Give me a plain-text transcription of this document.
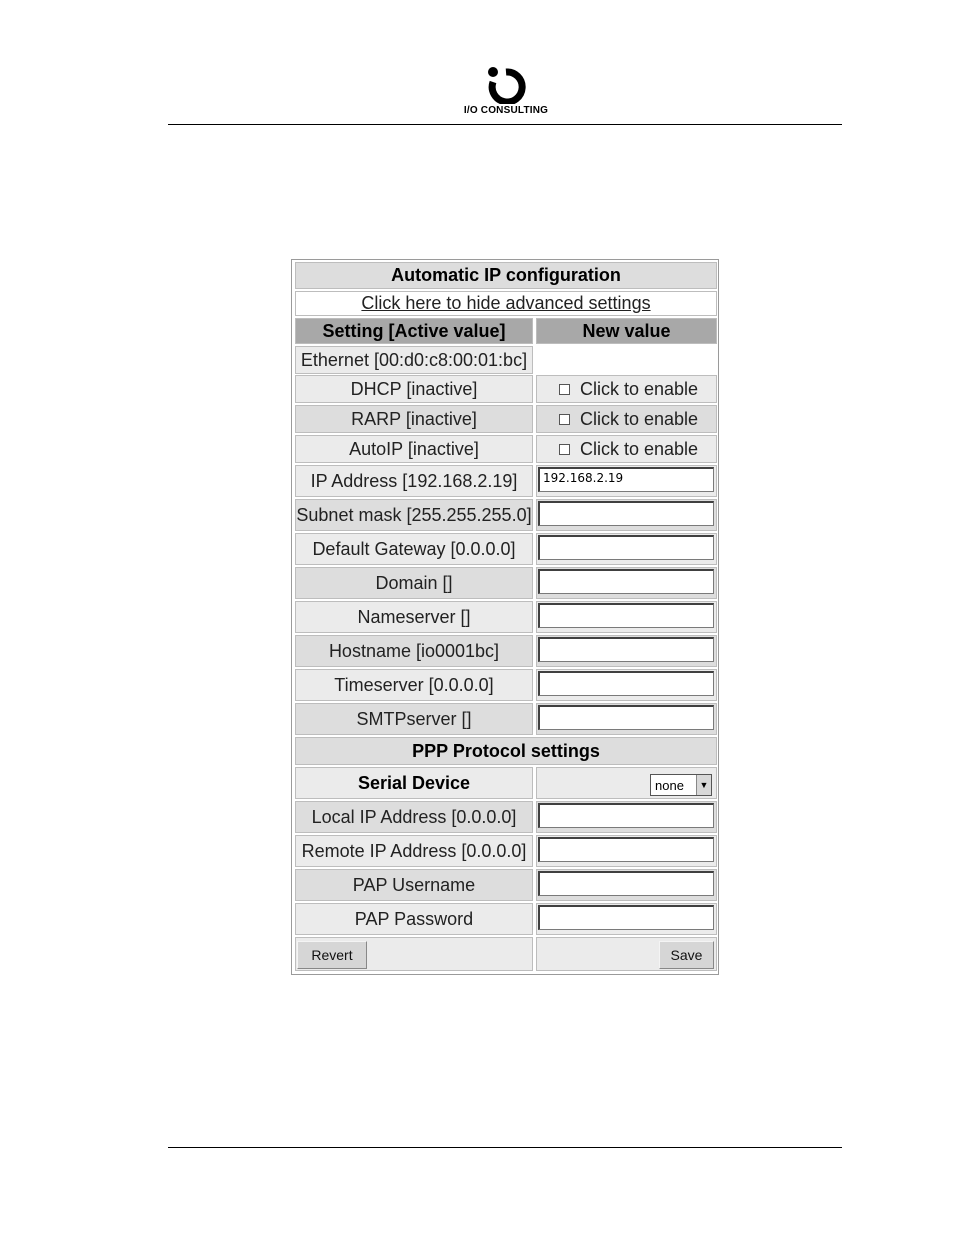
I/O CONSULTING
Automatic IP configuration
Click here to hide advanced settings
Setting [Active value]	New value
Ethernet [00:d0:c8:00:01:bc]
DHCP [inactive]	Click to enable
RARP [inactive]	Click to enable
AutoIP [inactive]	Click to enable
IP Address [192.168.2.19]	192.168.2.19
Subnet mask [255.255.255.0]
Default Gateway [0.0.0.0]
Domain []
Nameserver []
Hostname [io0001bc]
Timeserver [0.0.0.0]
SMTPserver []
PPP Protocol settings
Serial Device	none	▼
Local IP Address [0.0.0.0]
Remote IP Address [0.0.0.0]
PAP Username
PAP Password
Revert	Save
